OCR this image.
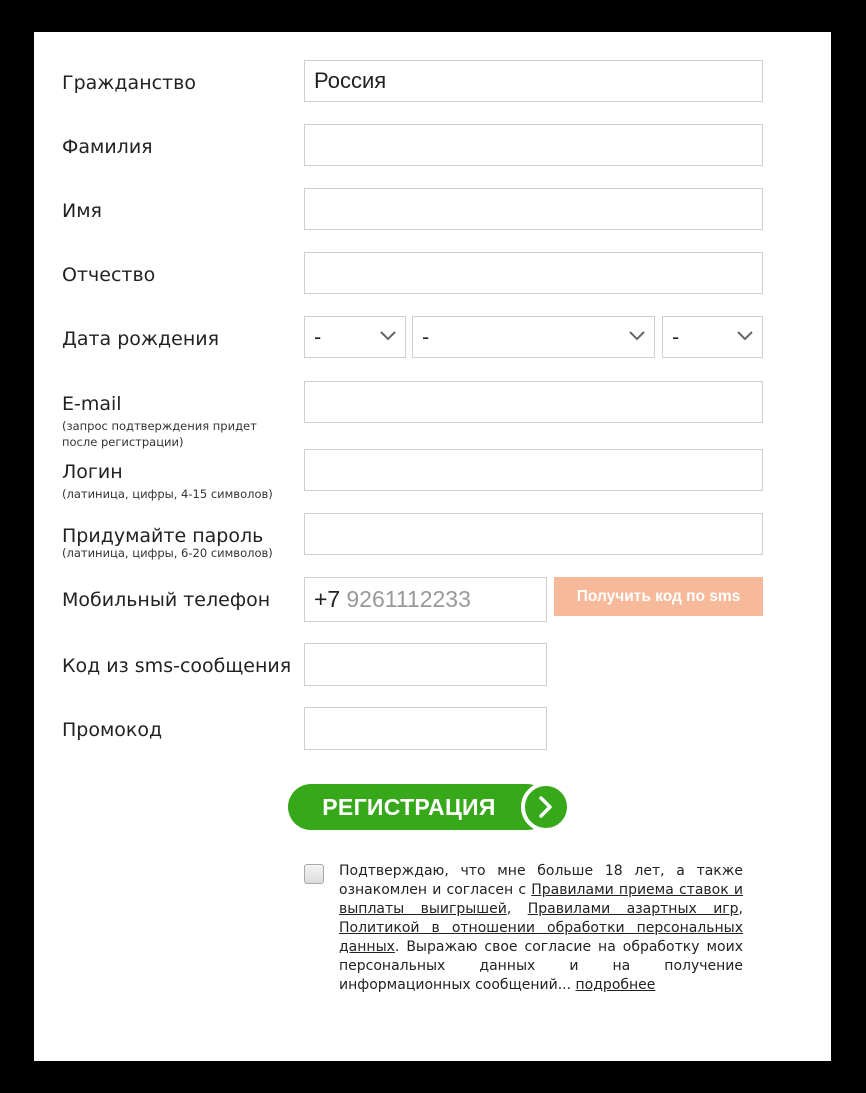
Гражданство	Россия
Фамилия
Имя
Отчество
Дата рождения	-	-	-
E-mail
(запрос подтверждения придет
после регистрации)
Логин
(латиница, цифры, 4-15 символов)
Придумайте пароль
(латиница, цифры, 6-20 символов)
Мобильный телефон	+7 9261112233	Получить код по sms
Код из sms-сообщения
Промокод
РЕГИСТРАЦИЯ
Подтверждаю, что мне больше 18 лет, а также ознакомлен и согласен с Правилами приема ставок и выплаты выигрышей, Правилами азартных игр, Политикой в отношении обработки персональных данных. Выражаю свое согласие на обработку моих персональных данных и на получение информационных сообщений... подробнее
